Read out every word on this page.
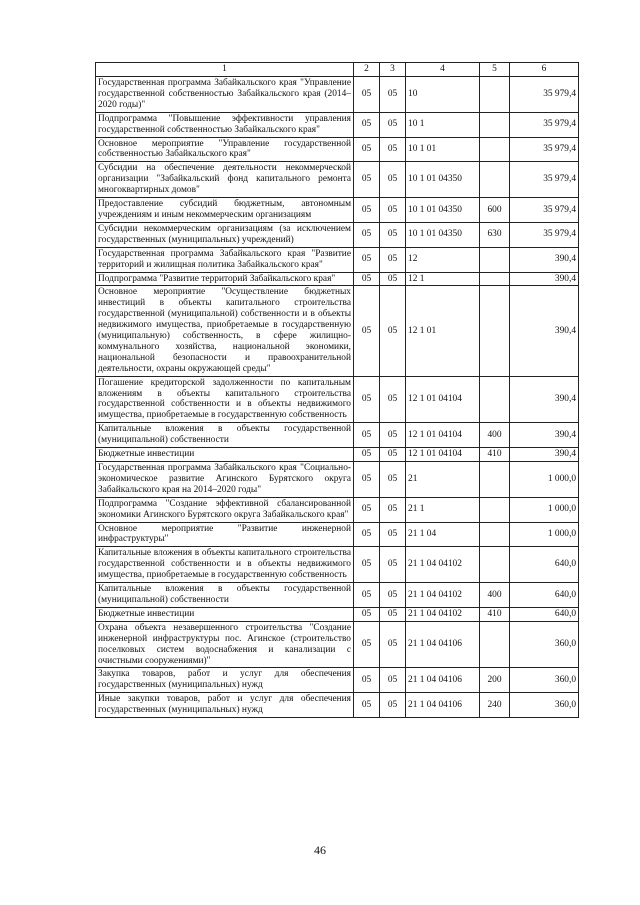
1	2	3	4	5	6
Государственная программа Забайкальского края "Управление государственной собственностью Забайкальского края (2014–2020 годы)"	05	05	10		35 979,4
Подпрограмма "Повышение эффективности управления государственной собственностью Забайкальского края"	05	05	10 1		35 979,4
Основное мероприятие "Управление государственной собственностью Забайкальского края"	05	05	10 1 01		35 979,4
Субсидии на обеспечение деятельности некоммерческой организации "Забайкальский фонд капитального ремонта многоквартирных домов"	05	05	10 1 01 04350		35 979,4
Предоставление субсидий бюджетным, автономным учреждениям и иным некоммерческим организациям	05	05	10 1 01 04350	600	35 979,4
Субсидии некоммерческим организациям (за исключением государственных (муниципальных) учреждений)	05	05	10 1 01 04350	630	35 979,4
Государственная программа Забайкальского края "Развитие территорий и жилищная политика Забайкальского края"	05	05	12		390,4
Подпрограмма "Развитие территорий Забайкальского края"	05	05	12 1		390,4
Основное мероприятие "Осуществление бюджетных инвестиций в объекты капитального строительства государственной (муниципальной) собственности и в объекты недвижимого имущества, приобретаемые в государственную (муниципальную) собственность, в сфере жилищно-коммунального хозяйства, национальной экономики, национальной безопасности и правоохранительной деятельности, охраны окружающей среды"	05	05	12 1 01		390,4
Погашение кредиторской задолженности по капитальным вложениям в объекты капитального строительства государственной собственности и в объекты недвижимого имущества, приобретаемые в государственную собственность	05	05	12 1 01 04104		390,4
Капитальные вложения в объекты государственной (муниципальной) собственности	05	05	12 1 01 04104	400	390,4
Бюджетные инвестиции	05	05	12 1 01 04104	410	390,4
Государственная программа Забайкальского края "Социально-экономическое развитие Агинского Бурятского округа Забайкальского края на 2014–2020 годы"	05	05	21		1 000,0
Подпрограмма "Создание эффективной сбалансированной экономики Агинского Бурятского округа Забайкальского края"	05	05	21 1		1 000,0
Основное мероприятие "Развитие инженерной инфраструктуры"	05	05	21 1 04		1 000,0
Капитальные вложения в объекты капитального строительства государственной собственности и в объекты недвижимого имущества, приобретаемые в государственную собственность	05	05	21 1 04 04102		640,0
Капитальные вложения в объекты государственной (муниципальной) собственности	05	05	21 1 04 04102	400	640,0
Бюджетные инвестиции	05	05	21 1 04 04102	410	640,0
Охрана объекта незавершенного строительства "Создание инженерной инфраструктуры пос. Агинское (строительство поселковых систем водоснабжения и канализации с очистными сооружениями)"	05	05	21 1 04 04106		360,0
Закупка товаров, работ и услуг для обеспечения государственных (муниципальных) нужд	05	05	21 1 04 04106	200	360,0
Иные закупки товаров, работ и услуг для обеспечения государственных (муниципальных) нужд	05	05	21 1 04 04106	240	360,0
46
